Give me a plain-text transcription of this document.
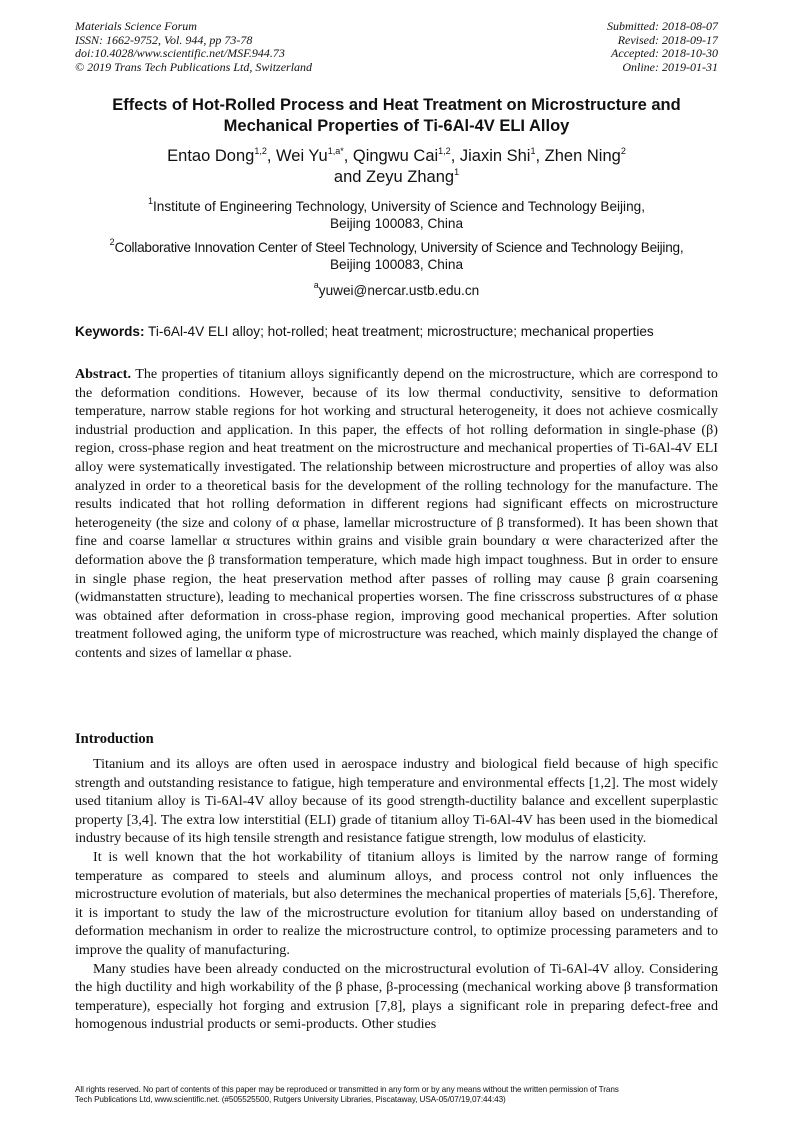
Materials Science Forum
ISSN: 1662-9752, Vol. 944, pp 73-78
doi:10.4028/www.scientific.net/MSF.944.73
© 2019 Trans Tech Publications Ltd, Switzerland
Submitted: 2018-08-07
Revised: 2018-09-17
Accepted: 2018-10-30
Online: 2019-01-31
Effects of Hot-Rolled Process and Heat Treatment on Microstructure and
Mechanical Properties of Ti-6Al-4V ELI Alloy
Entao Dong$^{1,2}$, Wei $Yu^{1,a*}$, Qingwu Cai$^{1,2}$, Jiaxin Shi$^1$, Zhen Ning$^2$
and Zeyu Zhang$^1$
$^1$Institute of Engineering Technology, University of Science and Technology Beijing,
Beijing 100083, China
$^2$Collaborative Innovation Center of Steel Technology, University of Science and Technology Beijing,
Beijing 100083, China
$^a$yuwei@nercar.ustb.edu.cn
Keywords: Ti-6Al-4V ELI alloy; hot-rolled; heat treatment; microstructure; mechanical properties
Abstract. The properties of titanium alloys significantly depend on the microstructure, which are correspond to the deformation conditions. However, because of its low thermal conductivity, sensitive to deformation temperature, narrow stable regions for hot working and structural heterogeneity, it does not achieve cosmically industrial production and application. In this paper, the effects of hot rolling deformation in single-phase (β) region, cross-phase region and heat treatment on the microstructure and mechanical properties of Ti-6Al-4V ELI alloy were systematically investigated. The relationship between microstructure and properties of alloy was also analyzed in order to a theoretical basis for the development of the rolling technology for the manufacture. The results indicated that hot rolling deformation in different regions had significant effects on microstructure heterogeneity (the size and colony of α phase, lamellar microstructure of β transformed). It has been shown that fine and coarse lamellar α structures within grains and visible grain boundary α were characterized after the deformation above the β transformation temperature, which made high impact toughness. But in order to ensure in single phase region, the heat preservation method after passes of rolling may cause β grain coarsening (widmanstatten structure), leading to mechanical properties worsen. The fine crisscross substructures of α phase was obtained after deformation in cross-phase region, improving good mechanical properties. After solution treatment followed aging, the uniform type of microstructure was reached, which mainly displayed the change of contents and sizes of lamellar α phase.
Introduction

Titanium and its alloys are often used in aerospace industry and biological field because of high specific strength and outstanding resistance to fatigue, high temperature and environmental effects [1,2]. The most widely used titanium alloy is Ti-6Al-4V alloy because of its good strength-ductility balance and excellent superplastic property [3,4]. The extra low interstitial (ELI) grade of titanium alloy Ti-6Al-4V has been used in the biomedical industry because of its high tensile strength and resistance fatigue strength, low modulus of elasticity.

It is well known that the hot workability of titanium alloys is limited by the narrow range of forming temperature as compared to steels and aluminum alloys, and process control not only influences the microstructure evolution of materials, but also determines the mechanical properties of materials [5,6]. Therefore, it is important to study the law of the microstructure evolution for titanium alloy based on understanding of deformation mechanism in order to realize the microstructure control, to optimize processing parameters and to improve the quality of manufacturing.

Many studies have been already conducted on the microstructural evolution of Ti-6Al-4V alloy. Considering the high ductility and high workability of the β phase, β-processing (mechanical working above β transformation temperature), especially hot forging and extrusion [7,8], plays a significant role in preparing defect-free and homogenous industrial products or semi-products. Other studies

All rights reserved. No part of contents of this paper may be reproduced or transmitted in any form or by any means without the written permission of Trans
Tech Publications Ltd, www.scientific.net. (#505525500, Rutgers University Libraries, Piscataway, USA-05/07/19,07:44:43)
